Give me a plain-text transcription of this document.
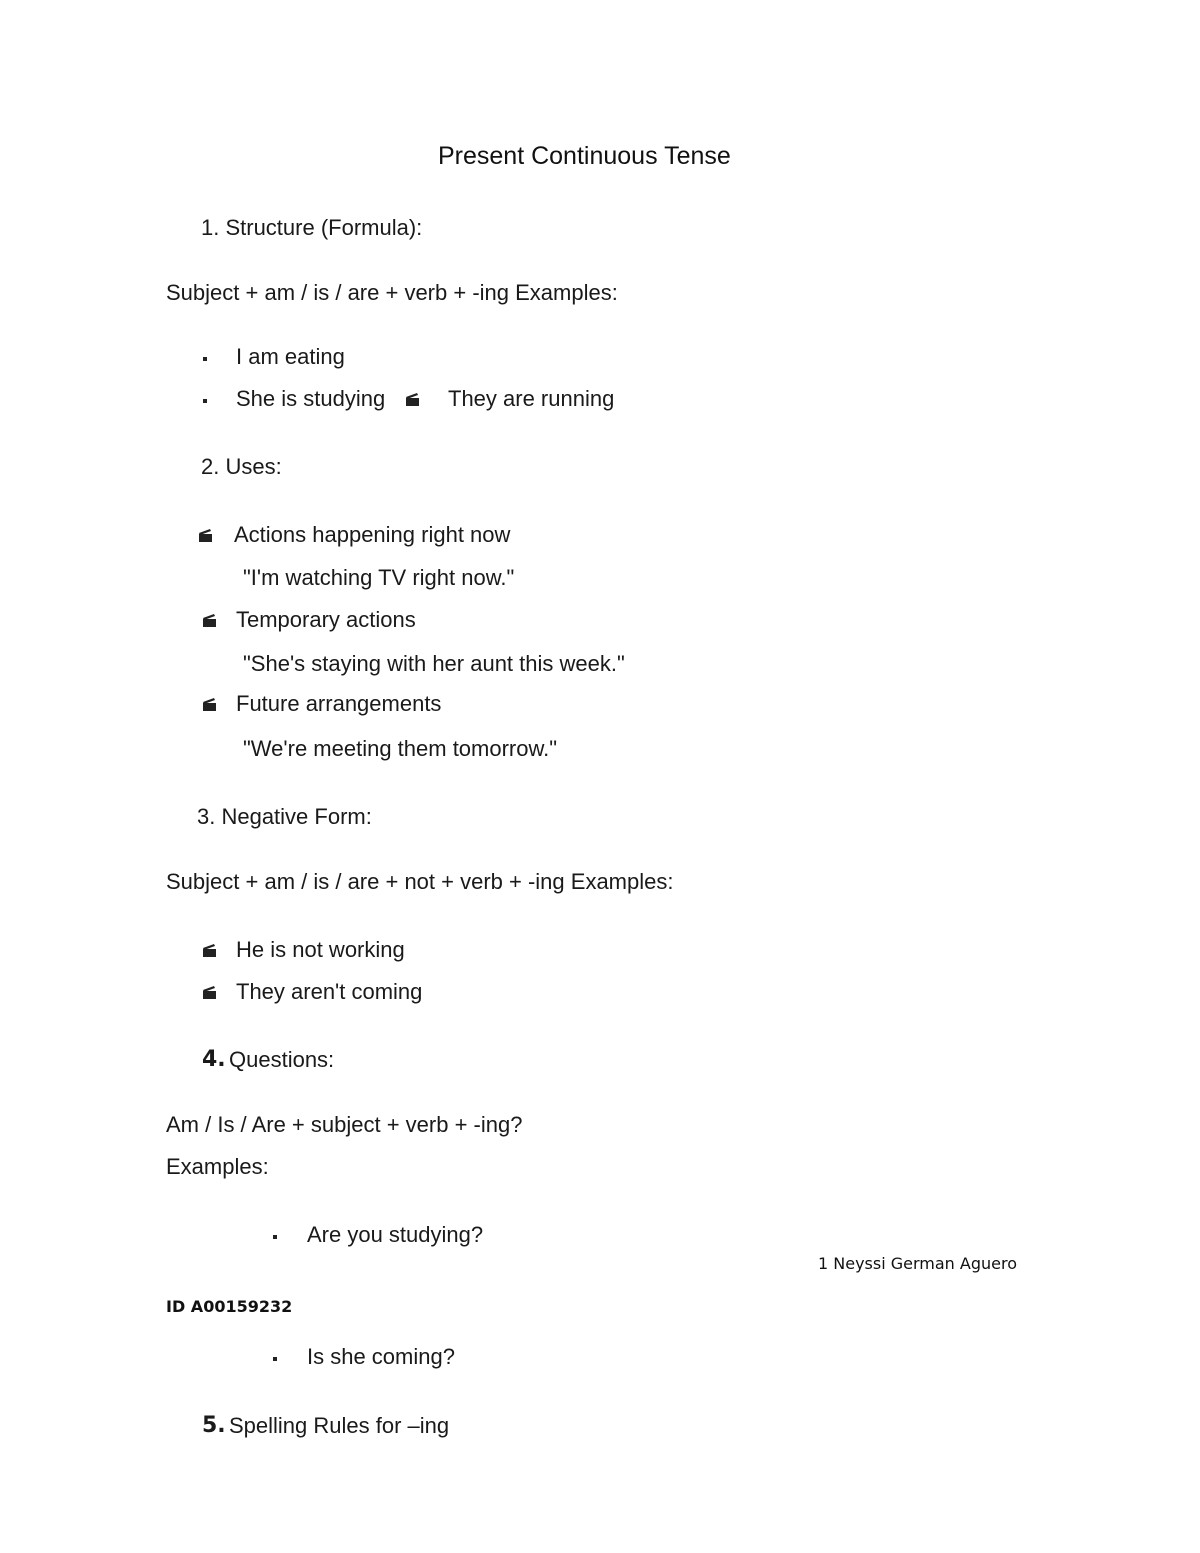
Present Continuous Tense
1. Structure (Formula):
Subject + am / is / are + verb + -ing Examples:
I am eating
She is studying	They are running
2. Uses:
Actions happening right now
"I'm watching TV right now."
Temporary actions
"She's staying with her aunt this week."
Future arrangements
"We're meeting them tomorrow."
3. Negative Form:
Subject + am / is / are + not + verb + -ing Examples:
He is not working
They aren't coming
4. Questions:
Am / Is / Are + subject + verb + -ing?
Examples:
Are you studying?
1 Neyssi German Aguero
ID A00159232
Is she coming?
5. Spelling Rules for –ing
